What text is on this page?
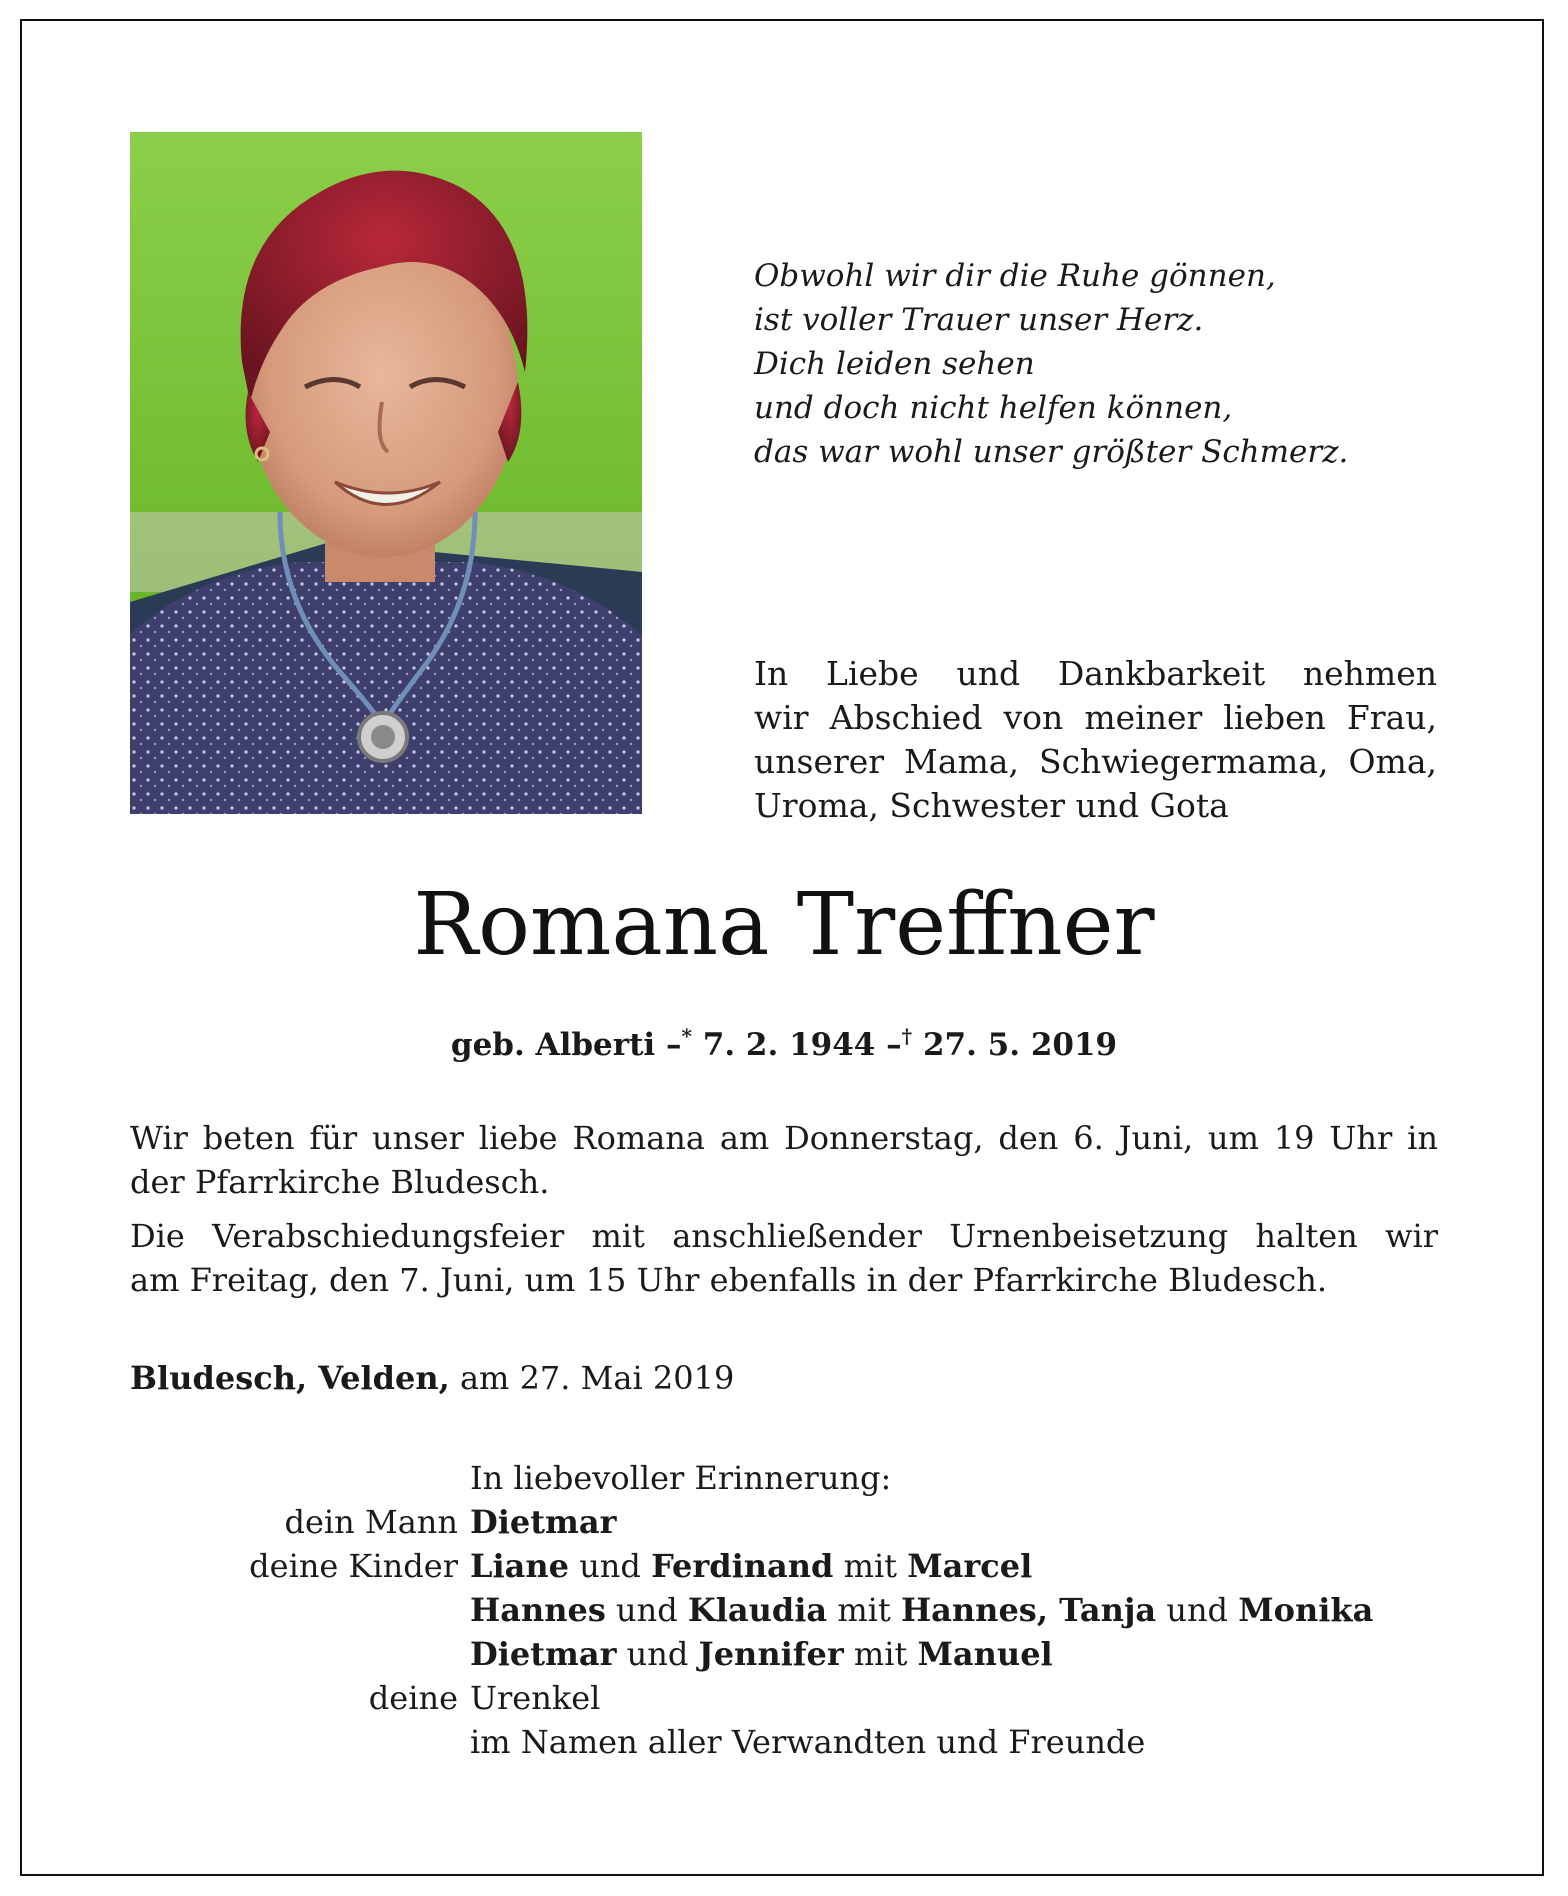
Obwohl wir dir die Ruhe gönnen,
ist voller Trauer unser Herz.
Dich leiden sehen
und doch nicht helfen können,
das war wohl unser größter Schmerz.
In Liebe und Dankbarkeit nehmen
wir Abschied von meiner lieben Frau,
unserer Mama, Schwiegermama, Oma,
Uroma, Schwester und Gota
Romana Treffner
geb. Alberti –* 7. 2. 1944 –† 27. 5. 2019

Wir beten für unser liebe Romana am Donnerstag, den 6. Juni, um 19 Uhr in
der Pfarrkirche Bludesch.

Die Verabschiedungsfeier mit anschließender Urnenbeisetzung halten wir
am Freitag, den 7. Juni, um 15 Uhr ebenfalls in der Pfarrkirche Bludesch.

Bludesch, Velden, am 27. Mai 2019
In liebevoller Erinnerung:
dein Mann Dietmar
deine Kinder Liane und Ferdinand mit Marcel
Hannes und Klaudia mit Hannes, Tanja und Monika
Dietmar und Jennifer mit Manuel
deine Urenkel
im Namen aller Verwandten und Freunde
